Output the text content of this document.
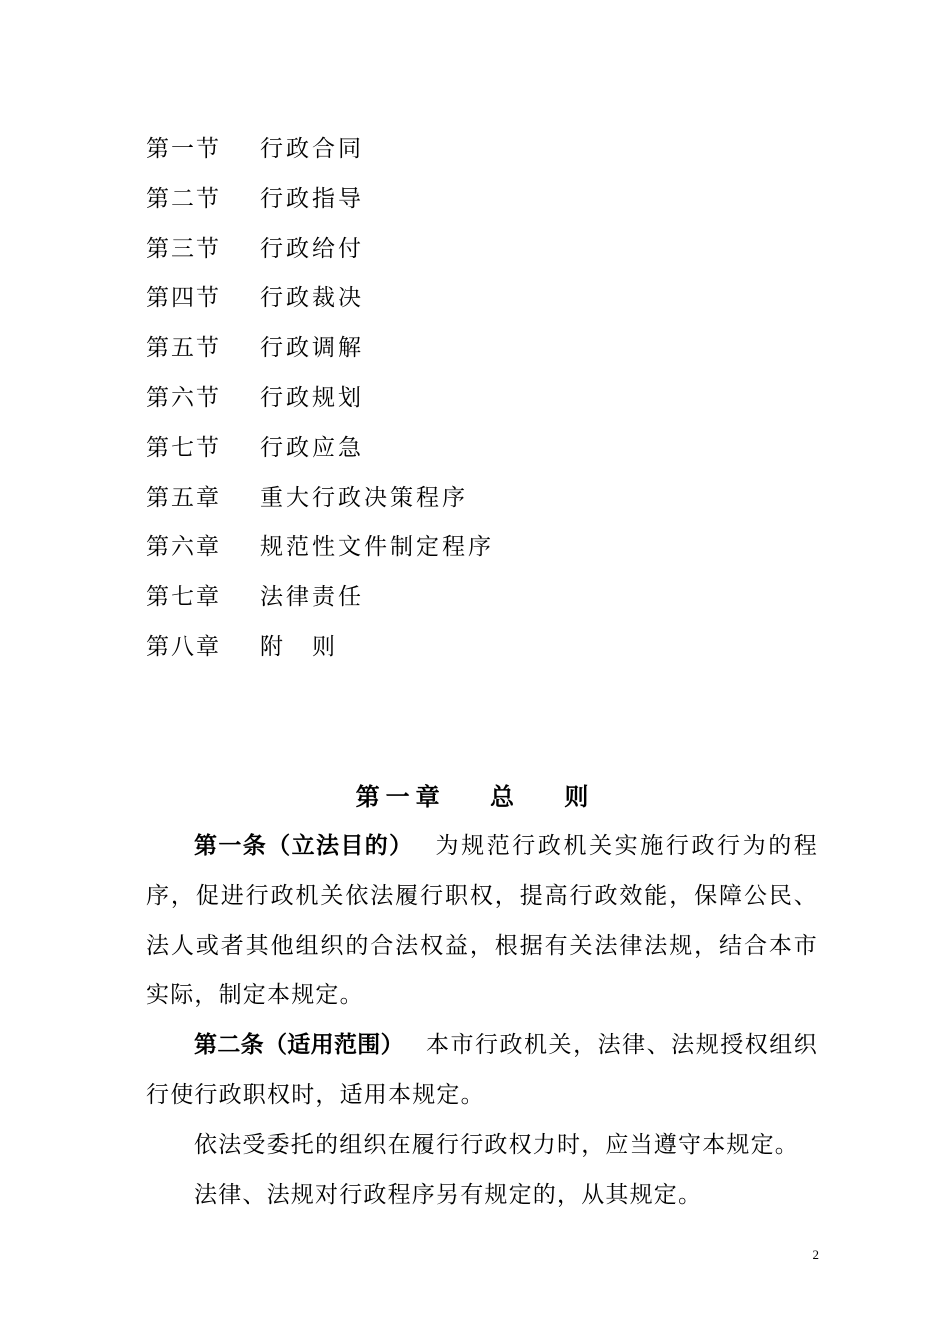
第一节 行政合同
第二节 行政指导
第三节 行政给付
第四节 行政裁决
第五节 行政调解
第六节 行政规划
第七节 行政应急
第五章 重大行政决策程序
第六章 规范性文件制定程序
第七章 法律责任
第八章 附　则
第一章　 总　 则

第一条（立法目的） 为规范行政机关实施行政行为的程序，促进行政机关依法履行职权，提高行政效能，保障公民、法人或者其他组织的合法权益，根据有关法律法规，结合本市实际，制定本规定。

第二条（适用范围） 本市行政机关，法律、法规授权组织行使行政职权时，适用本规定。

依法受委托的组织在履行行政权力时，应当遵守本规定。

法律、法规对行政程序另有规定的，从其规定。

2
